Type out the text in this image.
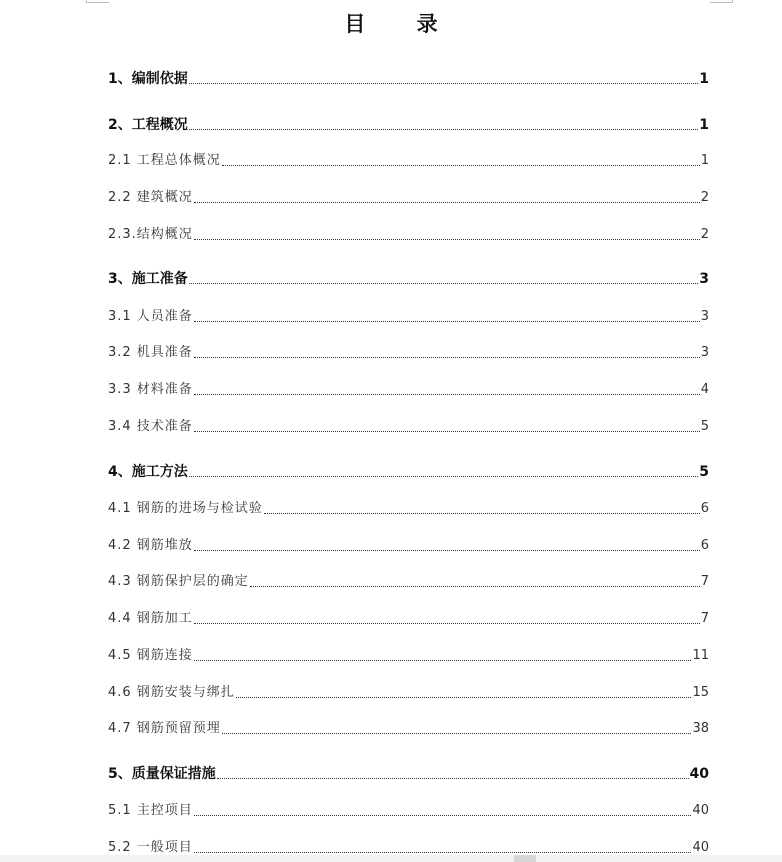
目 录
1、编制依据	1
2、工程概况	1
2.1 工程总体概况	1
2.2 建筑概况	2
2.3.结构概况	2
3、施工准备	3
3.1 人员准备	3
3.2 机具准备	3
3.3 材料准备	4
3.4 技术准备	5
4、施工方法	5
4.1 钢筋的进场与检试验	6
4.2 钢筋堆放	6
4.3 钢筋保护层的确定	7
4.4 钢筋加工	7
4.5 钢筋连接	11
4.6 钢筋安装与绑扎	15
4.7 钢筋预留预埋	38
5、质量保证措施	40
5.1 主控项目	40
5.2 一般项目	40
